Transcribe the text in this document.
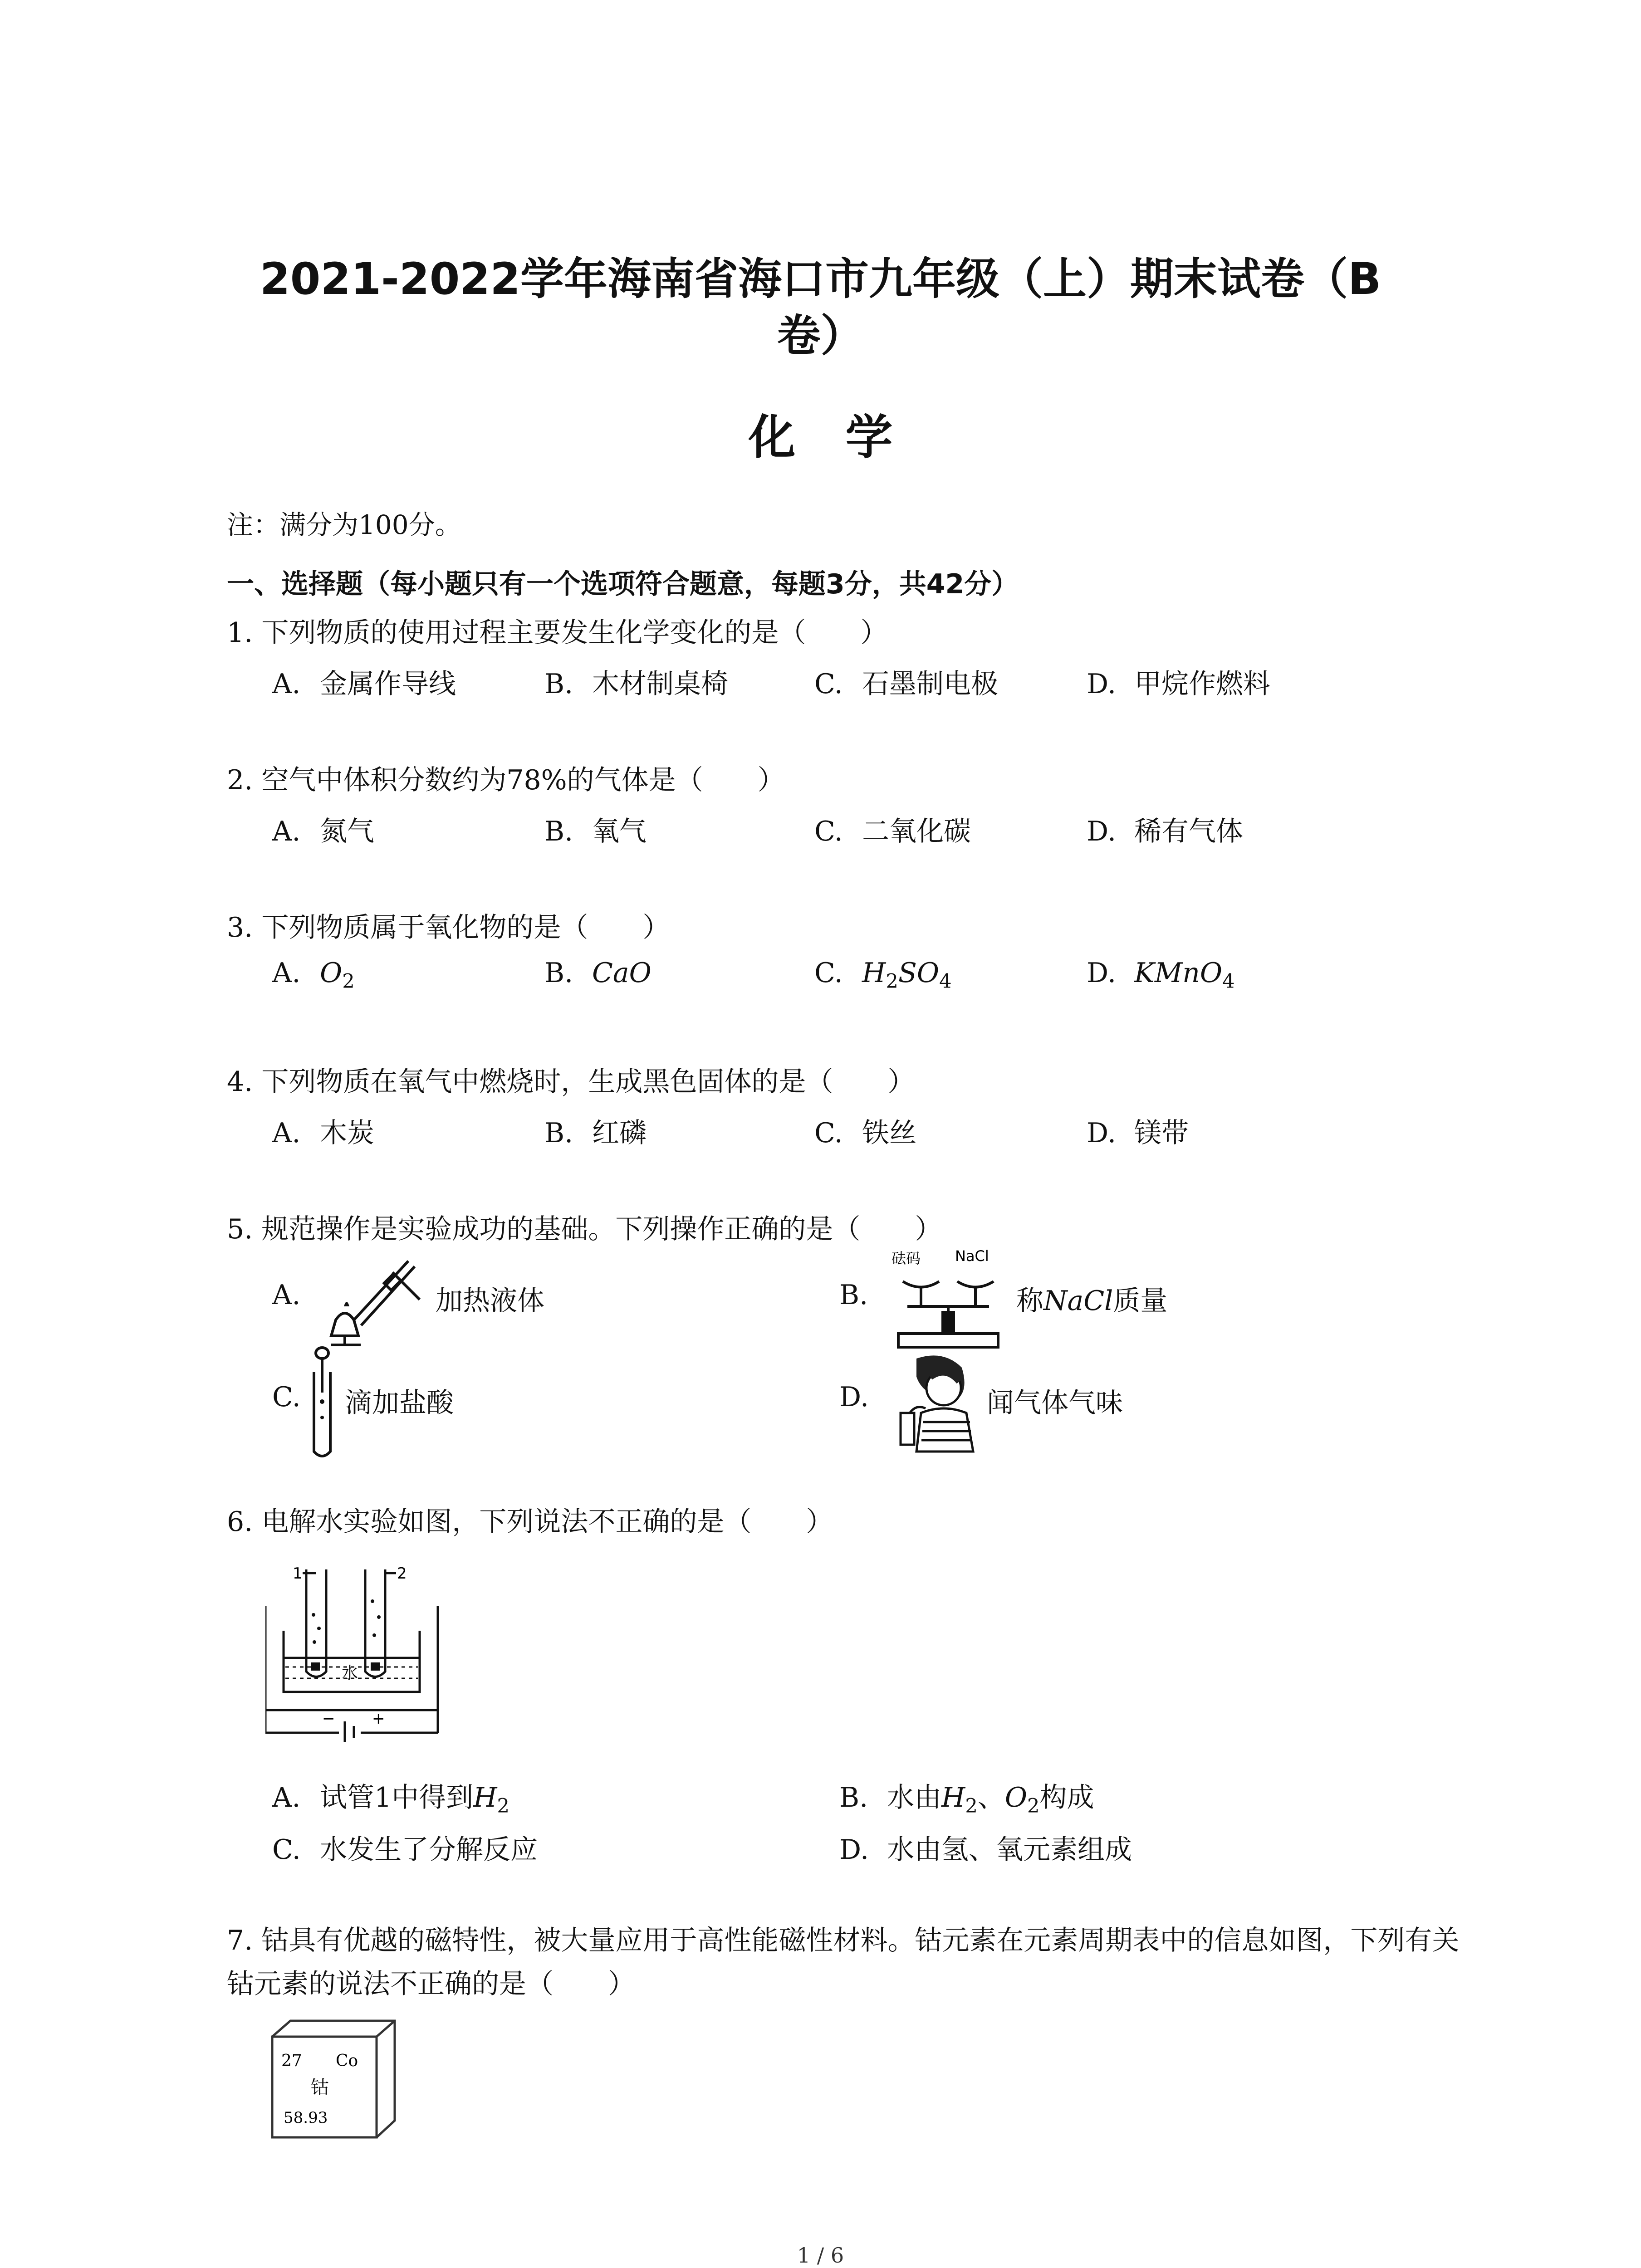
2021-2022学年海南省海口市九年级（上）期末试卷（B
卷）
化学
注：满分为100分。
一、选择题（每小题只有一个选项符合题意，每题3分，共42分）
1. 下列物质的使用过程主要发生化学变化的是（　　）
A. 金属作导线	B. 木材制桌椅	C. 石墨制电极	D. 甲烷作燃料
2. 空气中体积分数约为78%的气体是（　　）
A. 氮气	B. 氧气	C. 二氧化碳	D. 稀有气体
3. 下列物质属于氧化物的是（　　）
A. $O_2$	B. CaO	C. $H_2SO_4$	D. KMnO$_4$
4. 下列物质在氧气中燃烧时，生成黑色固体的是（　　）
A. 木炭	B. 红磷	C. 铁丝	D. 镁带
5. 规范操作是实验成功的基础。下列操作正确的是（　　）
A.	加热液体	B.
砝码 NaCl
称NaCl质量
C.	滴加盐酸	D.	闻气体气味
6. 电解水实验如图，下列说法不正确的是（　　）
1	2
水
− +
A. 试管1中得到$H_2$	B. 水由$H_2$、$O_2$构成
C. 水发生了分解反应	D. 水由氢、氧元素组成
7. 钴具有优越的磁特性，被大量应用于高性能磁性材料。钴元素在元素周期表中的信息如图，下列有关钴元素的说法不正确的是（　　）
27 Co
钴
58.93
1 / 6
